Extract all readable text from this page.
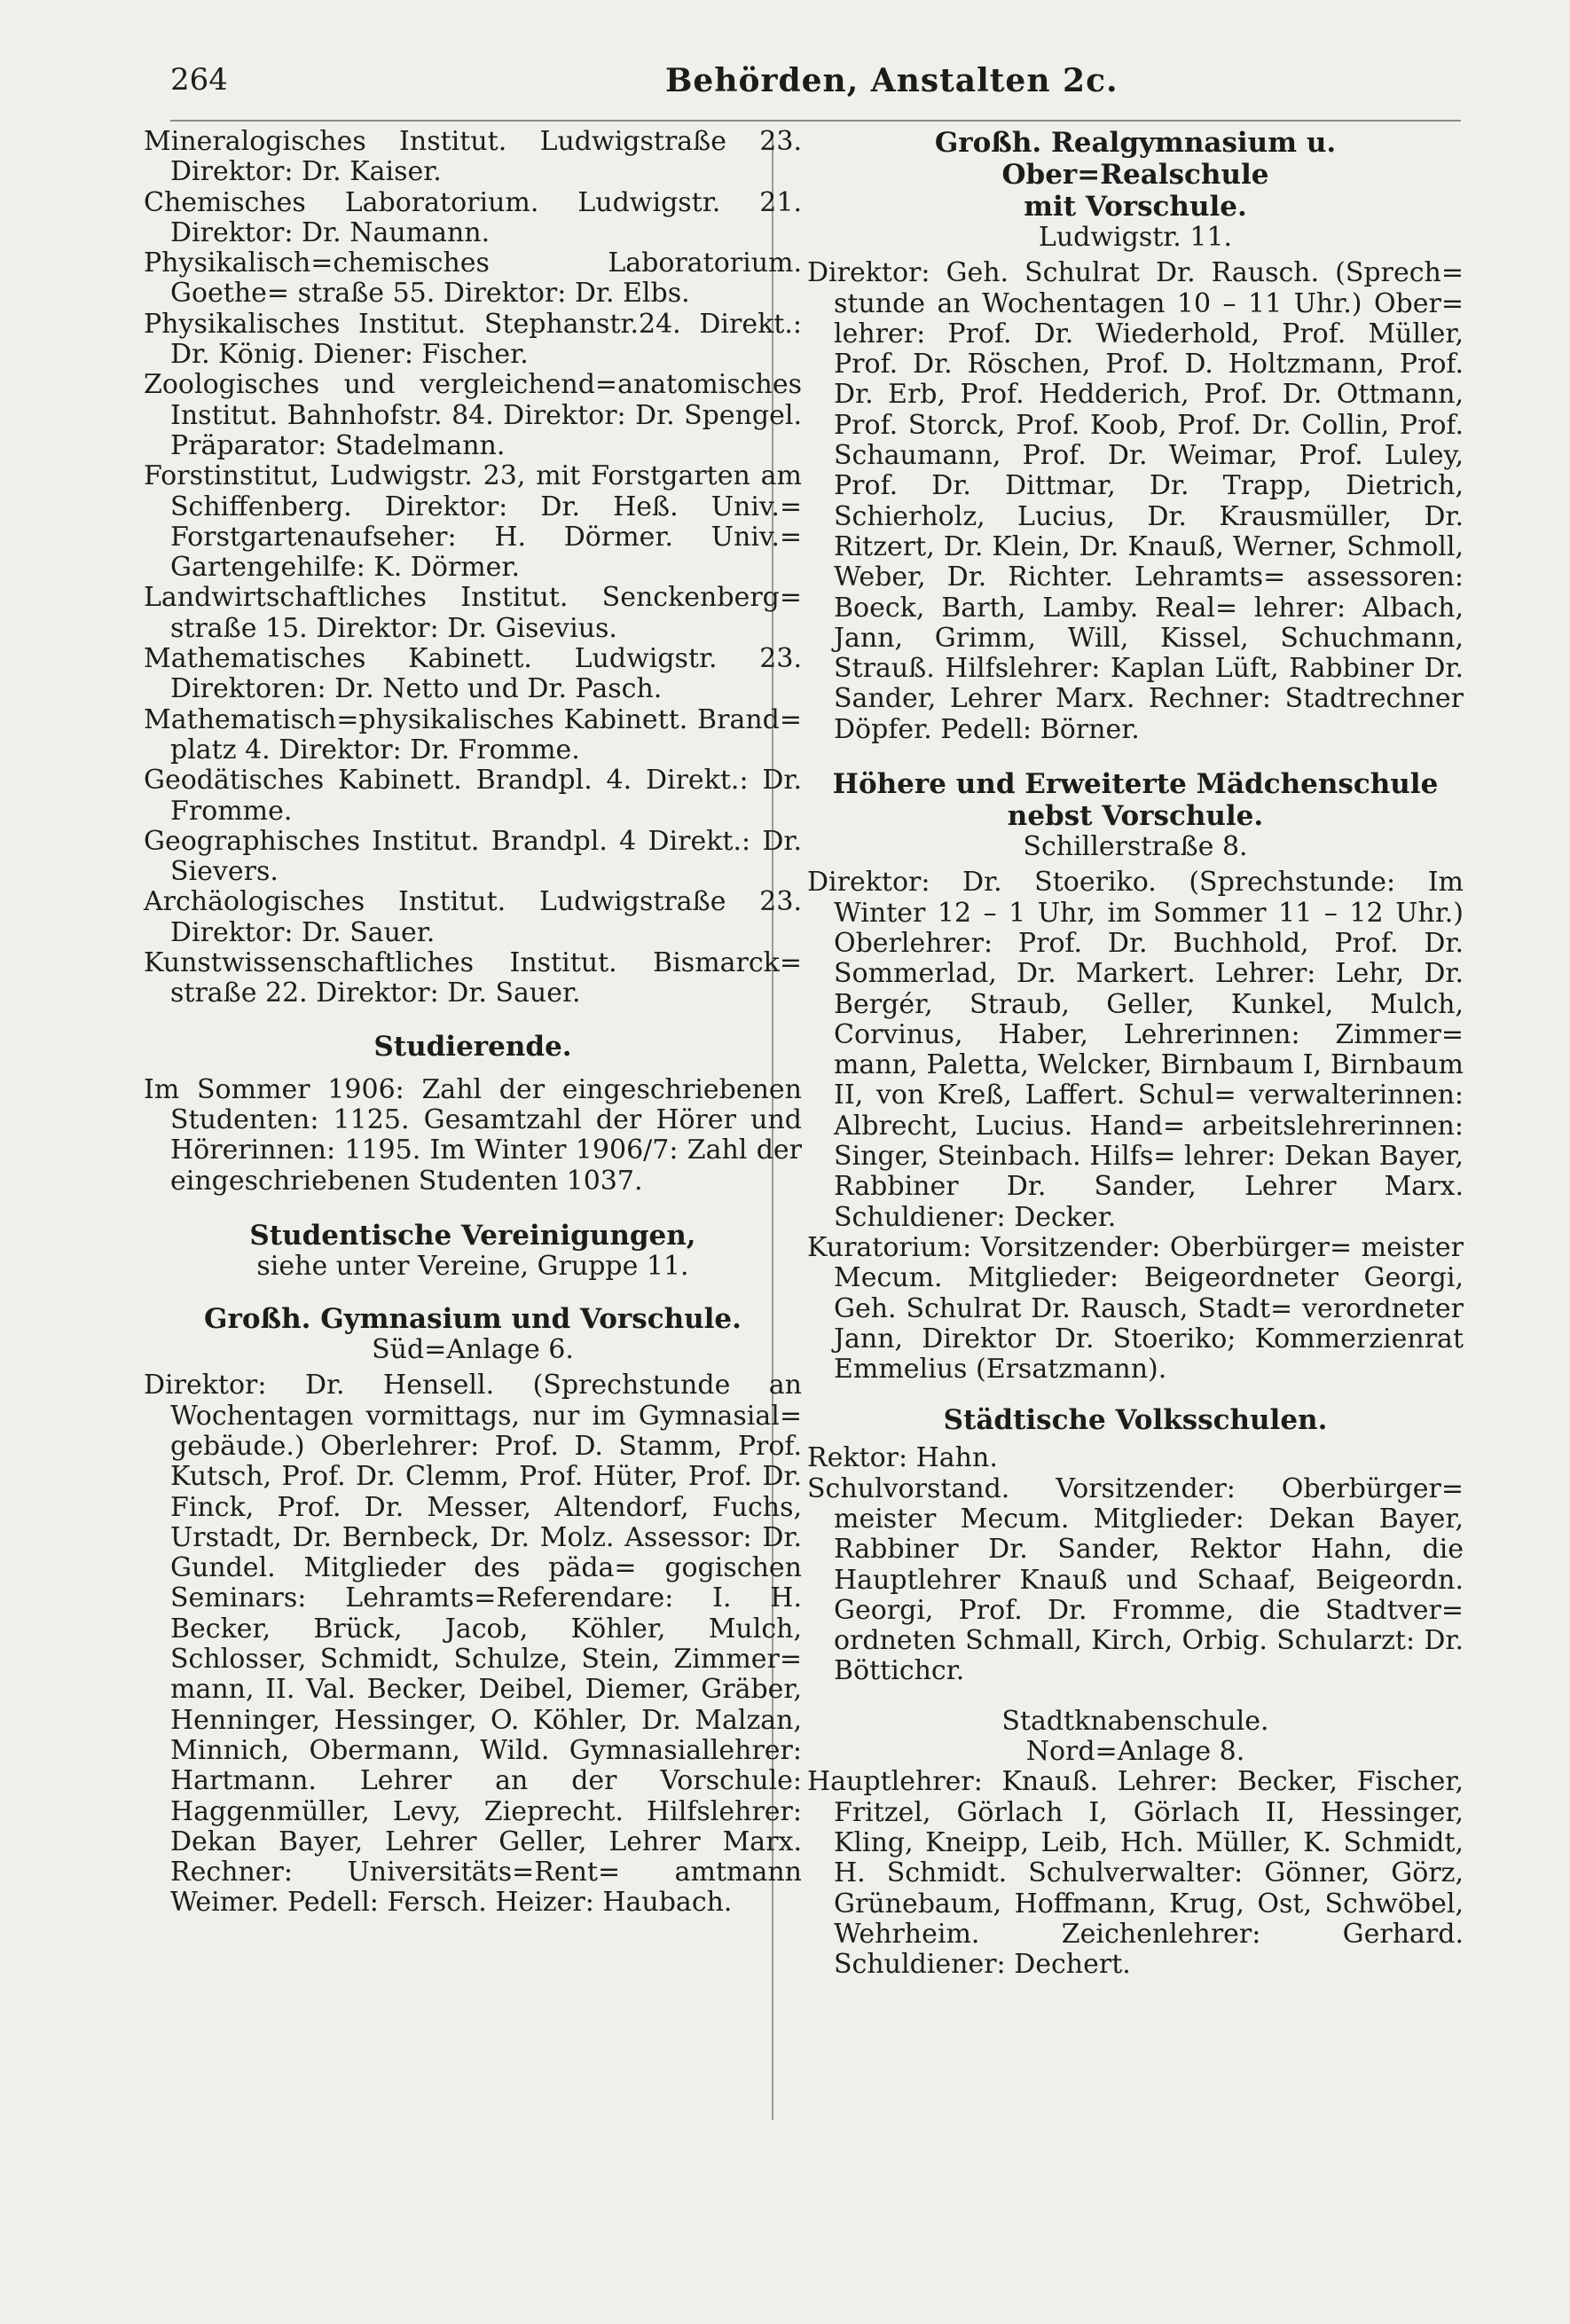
264	Behörden, Anstalten 2c.

Mineralogisches Institut. Ludwigstraße 23. Direktor: Dr. Kaiser.

Chemisches Laboratorium. Ludwigstr. 21. Direktor: Dr. Naumann.

Physikalisch=chemisches Laboratorium. Goethe= straße 55. Direktor: Dr. Elbs.

Physikalisches Institut. Stephanstr.24. Direkt.: Dr. König. Diener: Fischer.

Zoologisches und vergleichend=anatomisches Institut. Bahnhofstr. 84. Direktor: Dr. Spengel. Präparator: Stadelmann.

Forstinstitut, Ludwigstr. 23, mit Forstgarten am Schiffenberg. Direktor: Dr. Heß. Univ.= Forstgartenaufseher: H. Dörmer. Univ.= Gartengehilfe: K. Dörmer.

Landwirtschaftliches Institut. Senckenberg= straße 15. Direktor: Dr. Gisevius.

Mathematisches Kabinett. Ludwigstr. 23. Direktoren: Dr. Netto und Dr. Pasch.

Mathematisch=physikalisches Kabinett. Brand= platz 4. Direktor: Dr. Fromme.

Geodätisches Kabinett. Brandpl. 4. Direkt.: Dr. Fromme.

Geographisches Institut. Brandpl. 4 Direkt.: Dr. Sievers.

Archäologisches Institut. Ludwigstraße 23. Direktor: Dr. Sauer.

Kunstwissenschaftliches Institut. Bismarck= straße 22. Direktor: Dr. Sauer.

Studierende.

Im Sommer 1906: Zahl der eingeschriebenen Studenten: 1125. Gesamtzahl der Hörer und Hörerinnen: 1195. Im Winter 1906/7: Zahl der eingeschriebenen Studenten 1037.

Studentische Vereinigungen,

siehe unter Vereine, Gruppe 11.

Großh. Gymnasium und Vorschule.

Süd=Anlage 6.

Direktor: Dr. Hensell. (Sprechstunde an Wochentagen vormittags, nur im Gymnasial= gebäude.) Oberlehrer: Prof. D. Stamm, Prof. Kutsch, Prof. Dr. Clemm, Prof. Hüter, Prof. Dr. Finck, Prof. Dr. Messer, Altendorf, Fuchs, Urstadt, Dr. Bernbeck, Dr. Molz. Assessor: Dr. Gundel. Mitglieder des päda= gogischen Seminars: Lehramts=Referendare: I. H. Becker, Brück, Jacob, Köhler, Mulch, Schlosser, Schmidt, Schulze, Stein, Zimmer= mann, II. Val. Becker, Deibel, Diemer, Gräber, Henninger, Hessinger, O. Köhler, Dr. Malzan, Minnich, Obermann, Wild. Gymnasiallehrer: Hartmann. Lehrer an der Vorschule: Haggenmüller, Levy, Zieprecht. Hilfslehrer: Dekan Bayer, Lehrer Geller, Lehrer Marx. Rechner: Universitäts=Rent= amtmann Weimer. Pedell: Fersch. Heizer: Haubach.

Großh. Realgymnasium u. Ober=Realschule

mit Vorschule.

Ludwigstr. 11.

Direktor: Geh. Schulrat Dr. Rausch. (Sprech= stunde an Wochentagen 10 – 11 Uhr.) Ober= lehrer: Prof. Dr. Wiederhold, Prof. Müller, Prof. Dr. Röschen, Prof. D. Holtzmann, Prof. Dr. Erb, Prof. Hedderich, Prof. Dr. Ottmann, Prof. Storck, Prof. Koob, Prof. Dr. Collin, Prof. Schaumann, Prof. Dr. Weimar, Prof. Luley, Prof. Dr. Dittmar, Dr. Trapp, Dietrich, Schierholz, Lucius, Dr. Krausmüller, Dr. Ritzert, Dr. Klein, Dr. Knauß, Werner, Schmoll, Weber, Dr. Richter. Lehramts= assessoren: Boeck, Barth, Lamby. Real= lehrer: Albach, Jann, Grimm, Will, Kissel, Schuchmann, Strauß. Hilfslehrer: Kaplan Lüft, Rabbiner Dr. Sander, Lehrer Marx. Rechner: Stadtrechner Döpfer. Pedell: Börner.

Höhere und Erweiterte Mädchenschule

nebst Vorschule.

Schillerstraße 8.

Direktor: Dr. Stoeriko. (Sprechstunde: Im Winter 12 – 1 Uhr, im Sommer 11 – 12 Uhr.) Oberlehrer: Prof. Dr. Buchhold, Prof. Dr. Sommerlad, Dr. Markert. Lehrer: Lehr, Dr. Bergér, Straub, Geller, Kunkel, Mulch, Corvinus, Haber, Lehrerinnen: Zimmer= mann, Paletta, Welcker, Birnbaum I, Birnbaum II, von Kreß, Laffert. Schul= verwalterinnen: Albrecht, Lucius. Hand= arbeitslehrerinnen: Singer, Steinbach. Hilfs= lehrer: Dekan Bayer, Rabbiner Dr. Sander, Lehrer Marx. Schuldiener: Decker.

Kuratorium: Vorsitzender: Oberbürger= meister Mecum. Mitglieder: Beigeordneter Georgi, Geh. Schulrat Dr. Rausch, Stadt= verordneter Jann, Direktor Dr. Stoeriko; Kommerzienrat Emmelius (Ersatzmann).

Städtische Volksschulen.

Rektor: Hahn.

Schulvorstand. Vorsitzender: Oberbürger= meister Mecum. Mitglieder: Dekan Bayer, Rabbiner Dr. Sander, Rektor Hahn, die Hauptlehrer Knauß und Schaaf, Beigeordn. Georgi, Prof. Dr. Fromme, die Stadtver= ordneten Schmall, Kirch, Orbig. Schularzt: Dr. Böttichcr.

Stadtknabenschule.

Nord=Anlage 8.

Hauptlehrer: Knauß. Lehrer: Becker, Fischer, Fritzel, Görlach I, Görlach II, Hessinger, Kling, Kneipp, Leib, Hch. Müller, K. Schmidt, H. Schmidt. Schulverwalter: Gönner, Görz, Grünebaum, Hoffmann, Krug, Ost, Schwöbel, Wehrheim. Zeichenlehrer: Gerhard. Schuldiener: Dechert.
